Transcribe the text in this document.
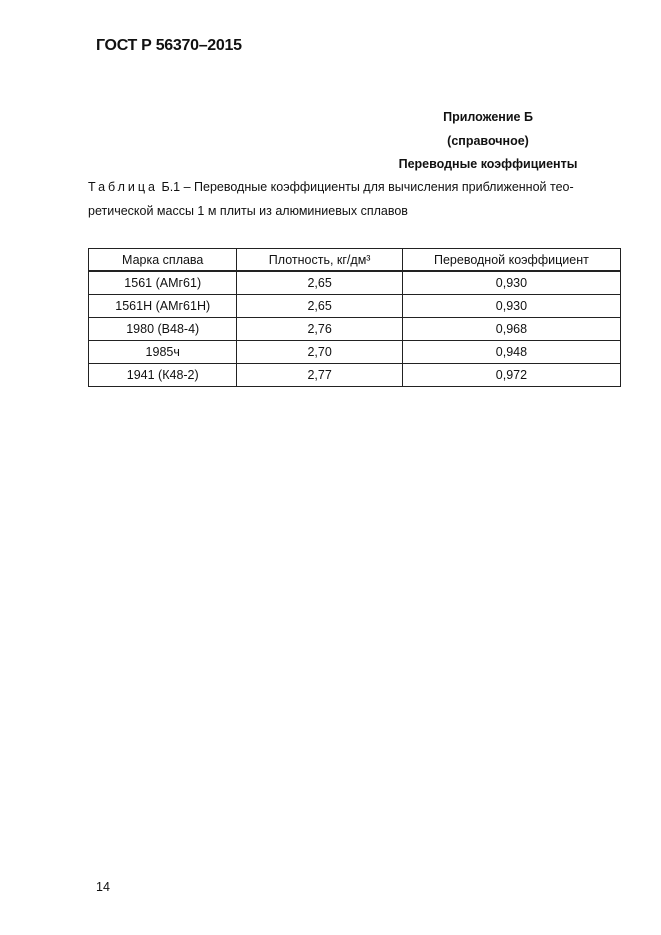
ГОСТ Р 56370–2015
Приложение Б
(справочное)
Переводные коэффициенты
Таблица Б.1 – Переводные коэффициенты для вычисления приближенной тео-
ретической массы 1 м плиты из алюминиевых сплавов
Марка сплава	Плотность, кг/дм³	Переводной коэффициент
1561 (АМг61)	2,65	0,930
1561Н (АМг61Н)	2,65	0,930
1980 (В48-4)	2,76	0,968
1985ч	2,70	0,948
1941 (К48-2)	2,77	0,972
14
